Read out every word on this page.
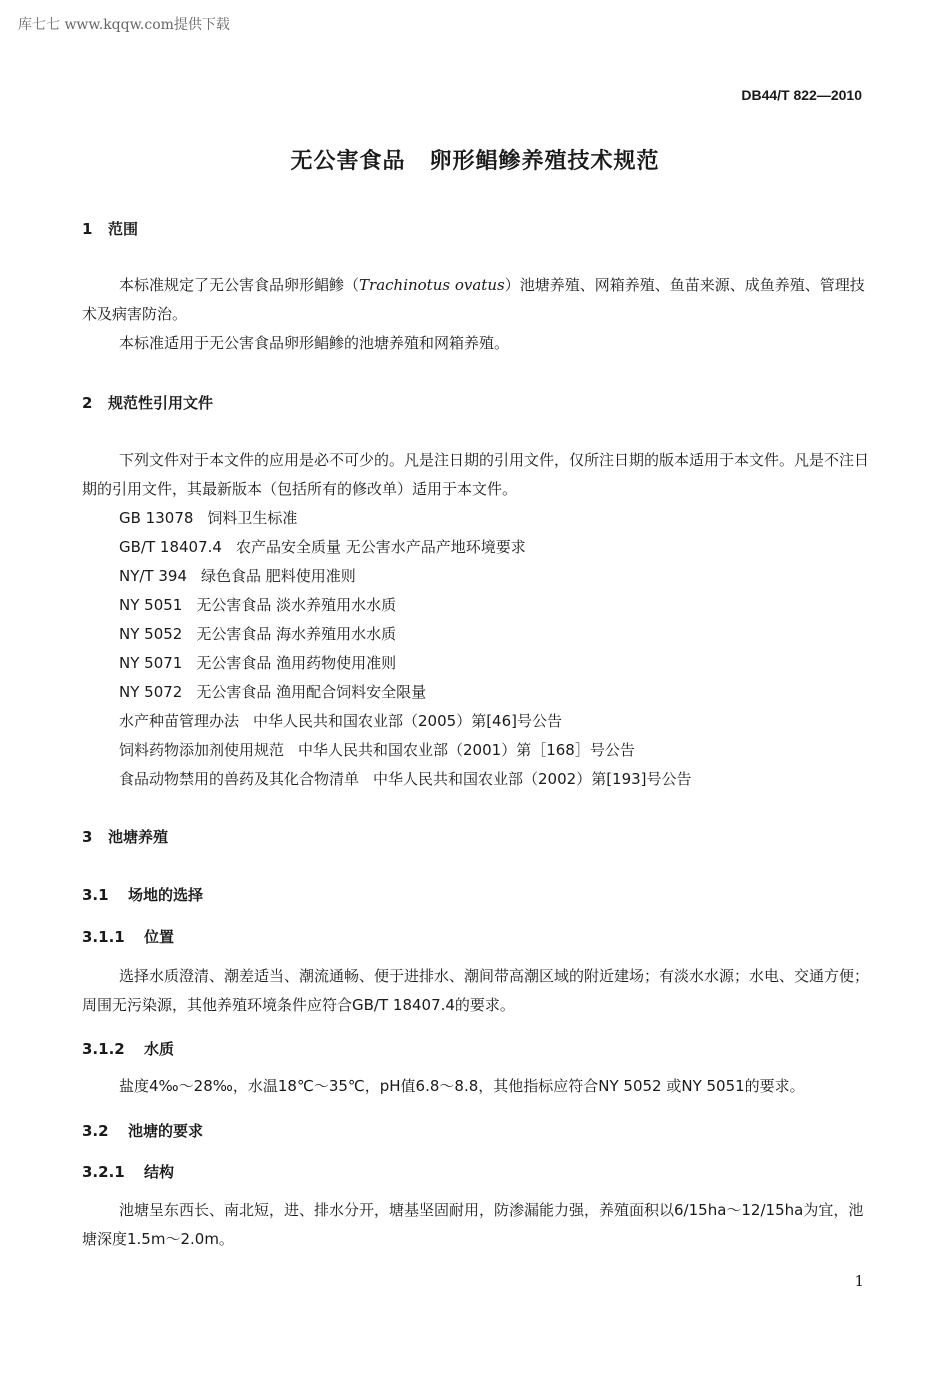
库七七 www.kqqw.com提供下载
DB44/T 822—2010
无公害食品 卵形鲳鲹养殖技术规范
1 范围
本标准规定了无公害食品卵形鲳鲹（Trachinotus ovatus）池塘养殖、网箱养殖、鱼苗来源、成鱼养殖、管理技术及病害防治。
本标准适用于无公害食品卵形鲳鲹的池塘养殖和网箱养殖。
2 规范性引用文件
下列文件对于本文件的应用是必不可少的。凡是注日期的引用文件，仅所注日期的版本适用于本文件。凡是不注日期的引用文件，其最新版本（包括所有的修改单）适用于本文件。
GB 13078 饲料卫生标准
GB/T 18407.4 农产品安全质量 无公害水产品产地环境要求
NY/T 394 绿色食品 肥料使用准则
NY 5051 无公害食品 淡水养殖用水水质
NY 5052 无公害食品 海水养殖用水水质
NY 5071 无公害食品 渔用药物使用准则
NY 5072 无公害食品 渔用配合饲料安全限量
水产种苗管理办法 中华人民共和国农业部（2005）第[46]号公告
饲料药物添加剂使用规范 中华人民共和国农业部（2001）第［168］号公告
食品动物禁用的兽药及其化合物清单 中华人民共和国农业部（2002）第[193]号公告
3 池塘养殖
3.1 场地的选择
3.1.1 位置
选择水质澄清、潮差适当、潮流通畅、便于进排水、潮间带高潮区域的附近建场；有淡水水源；水电、交通方便；周围无污染源，其他养殖环境条件应符合GB/T 18407.4的要求。
3.1.2 水质
盐度4‰～28‰，水温18℃～35℃，pH值6.8～8.8，其他指标应符合NY 5052 或NY 5051的要求。
3.2 池塘的要求
3.2.1 结构
池塘呈东西长、南北短，进、排水分开，塘基坚固耐用，防渗漏能力强，养殖面积以6/15ha～12/15ha为宜，池塘深度1.5m～2.0m。
1
